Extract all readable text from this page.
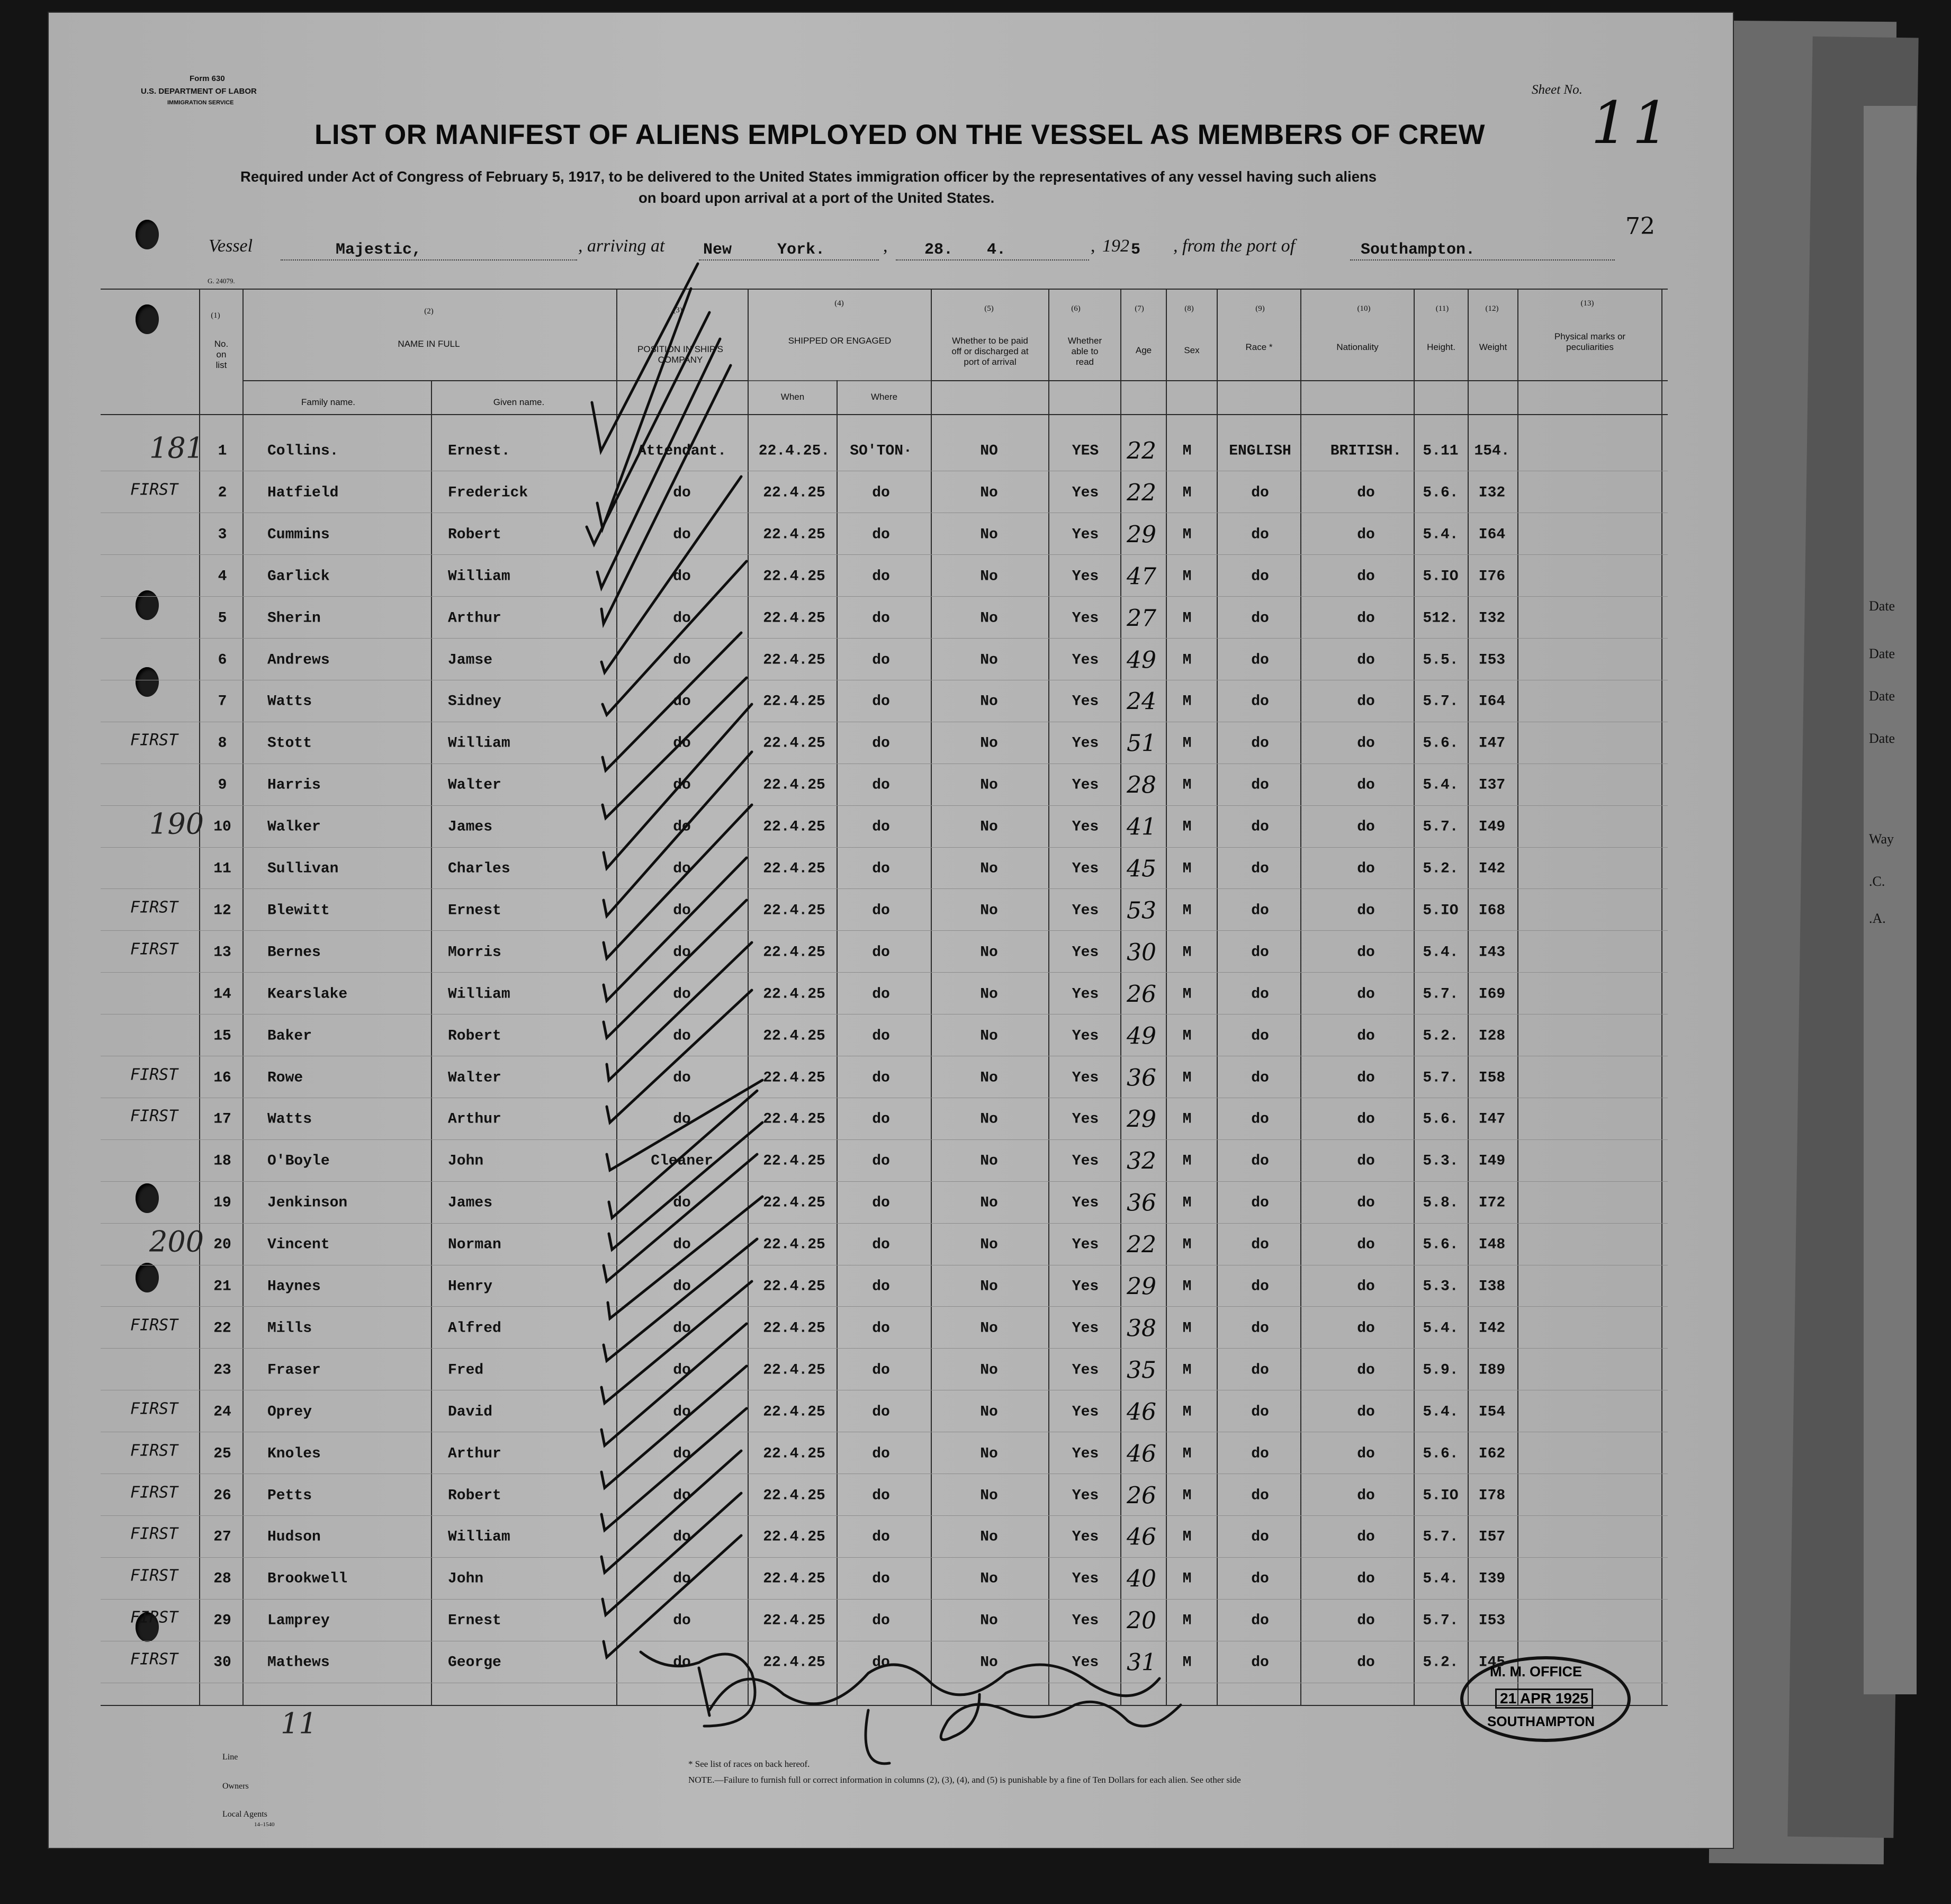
Date
Date
Date
Date
Way
.C.
.A.
Form 630
U.S. DEPARTMENT OF LABOR
IMMIGRATION SERVICE
Sheet No. 11
LIST OR MANIFEST OF ALIENS EMPLOYED ON THE VESSEL AS MEMBERS OF CREW
Required under Act of Congress of February 5, 1917, to be delivered to the United States immigration officer by the representatives of any vessel having such aliens
on board upon arrival at a port of the United States.
72
Vessel	Majestic,	, arriving at New	York.	, 28. 4.	, 192 5 , from the port of	Southampton.
G. 24079.
(1)	(2)	(3)
(4)
(5)	(6)	(7)	(8)	(9)	(10)	(11)	(12)
(13)
No.
on
list
NAME IN FULL
Family name.	Given name.
POSITION IN SHIP'S
COMPANY
SHIPPED OR ENGAGED
When	Where
Whether to be paid
off or discharged at
port of arrival
Whether
able to
read
Age	Sex	Race *	Nationality	Height.	Weight
Physical marks or
peculiarities
1	Collins.	Ernest.	Attendant. 22.4.25. SO'TON·	NO	YES 22 M	ENGLISH	BRITISH. 5.11 154.
181
2	Hatfield	Frederick	do	22.4.25	do	No	Yes 22 M	do	do	5.6. I32
FIRST
3	Cummins	Robert	do	22.4.25	do	No	Yes 29 M	do	do	5.4. I64
4	Garlick	William	do	22.4.25	do	No	Yes 47 M	do	do	5.IO I76
5	Sherin	Arthur	do	22.4.25	do	No	Yes 27 M	do	do	512. I32
6	Andrews	Jamse	do	22.4.25	do	No	Yes 49 M	do	do	5.5. I53
7	Watts	Sidney	do	22.4.25	do	No	Yes 24 M	do	do	5.7. I64
8	Stott	William	do	22.4.25	do	No	Yes 51 M	do	do	5.6. I47
FIRST
9	Harris	Walter	do	22.4.25	do	No	Yes 28 M	do	do	5.4. I37
10 Walker	James	do	22.4.25	do	No	Yes 41 M	do	do	5.7. I49
190
11 Sullivan	Charles	do	22.4.25	do	No	Yes 45 M	do	do	5.2. I42
12 Blewitt	Ernest	do	22.4.25	do	No	Yes 53 M	do	do	5.IO I68
FIRST
13 Bernes	Morris	do	22.4.25	do	No	Yes 30 M	do	do	5.4. I43
FIRST
14 Kearslake	William	do	22.4.25	do	No	Yes 26 M	do	do	5.7. I69
15 Baker	Robert	do	22.4.25	do	No	Yes 49 M	do	do	5.2. I28
16 Rowe	Walter	do	22.4.25	do	No	Yes 36 M	do	do	5.7. I58
FIRST
17 Watts	Arthur	do	22.4.25	do	No	Yes 29 M	do	do	5.6. I47
FIRST
18 O'Boyle	John	Cleaner	22.4.25	do	No	Yes 32 M	do	do	5.3. I49
19 Jenkinson	James	do	22.4.25	do	No	Yes 36 M	do	do	5.8. I72
20 Vincent	Norman	do	22.4.25	do	No	Yes 22 M	do	do	5.6. I48
200
21 Haynes	Henry	do	22.4.25	do	No	Yes 29 M	do	do	5.3. I38
22 Mills	Alfred	do	22.4.25	do	No	Yes 38 M	do	do	5.4. I42
FIRST
23 Fraser	Fred	do	22.4.25	do	No	Yes 35 M	do	do	5.9. I89
24 Oprey	David	do	22.4.25	do	No	Yes 46 M	do	do	5.4. I54
FIRST
25 Knoles	Arthur	do	22.4.25	do	No	Yes 46 M	do	do	5.6. I62
FIRST
26 Petts	Robert	do	22.4.25	do	No	Yes 26 M	do	do	5.IO I78
FIRST
27 Hudson	William	do	22.4.25	do	No	Yes 46 M	do	do	5.7. I57
FIRST
28 Brookwell	John	do	22.4.25	do	No	Yes 40 M	do	do	5.4. I39
FIRST
29 Lamprey	Ernest	do	22.4.25	do	No	Yes 20 M	do	do	5.7. I53
FIRST
30 Mathews	George	do	22.4.25	do	No	Yes 31 M	do	do	5.2. I45
FIRST
M. M. OFFICE
21 APR 1925
SOUTHAMPTON
11
Line
Owners
Local Agents
14–1540
* See list of races on back hereof.
NOTE.—Failure to furnish full or correct information in columns (2), (3), (4), and (5) is punishable by a fine of Ten Dollars for each alien. See other side
